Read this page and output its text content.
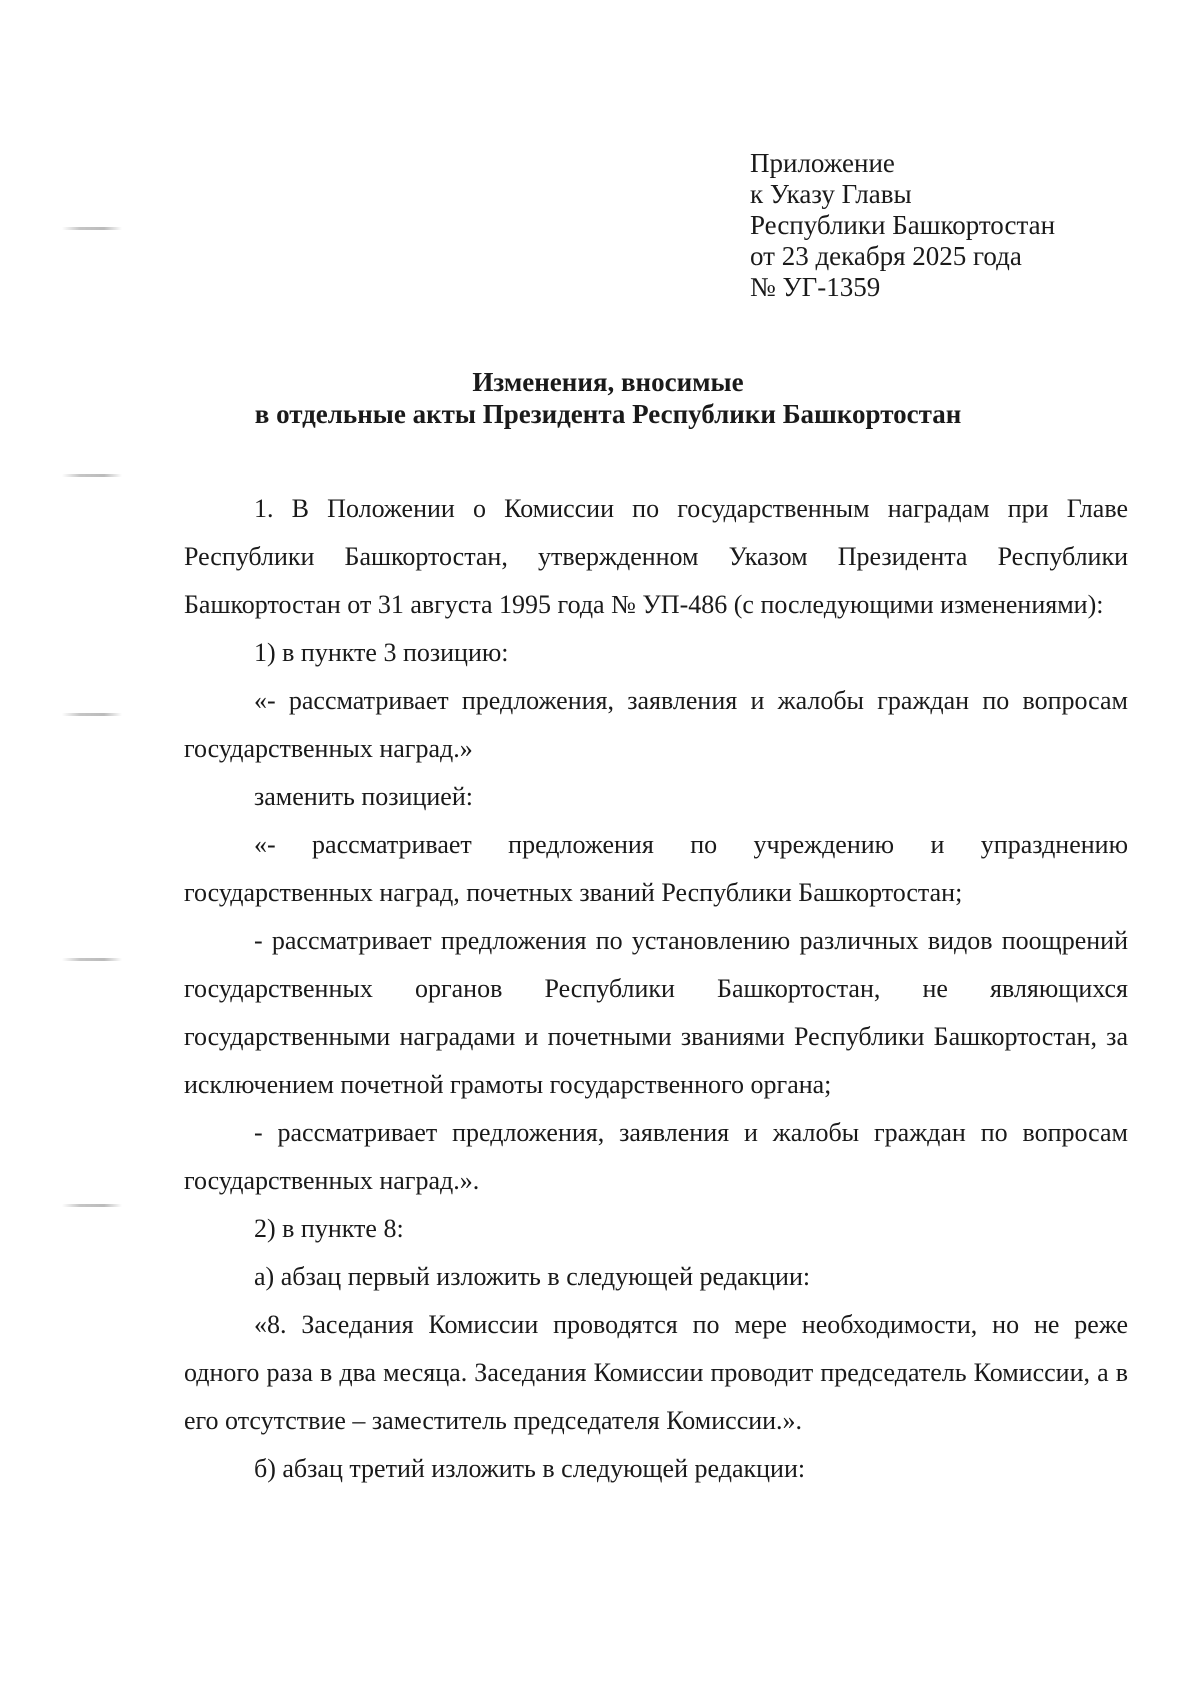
Приложение
к Указу Главы
Республики Башкортостан
от 23 декабря 2025 года
№ УГ-1359
Изменения, вносимые
в отдельные акты Президента Республики Башкортостан

1. В Положении о Комиссии по государственным наградам при Главе Республики Башкортостан, утвержденном Указом Президента Республики Башкортостан от 31 августа 1995 года № УП-486 (с последующими изменениями):

1) в пункте 3 позицию:

«- рассматривает предложения, заявления и жалобы граждан по вопросам государственных наград.»

заменить позицией:

«- рассматривает предложения по учреждению и упразднению государственных наград, почетных званий Республики Башкортостан;

- рассматривает предложения по установлению различных видов поощрений государственных органов Республики Башкортостан, не являющихся государственными наградами и почетными званиями Республики Башкортостан, за исключением почетной грамоты государственного органа;

- рассматривает предложения, заявления и жалобы граждан по вопросам государственных наград.».

2) в пункте 8:

а) абзац первый изложить в следующей редакции:

«8. Заседания Комиссии проводятся по мере необходимости, но не реже одного раза в два месяца. Заседания Комиссии проводит председатель Комиссии, а в его отсутствие – заместитель председателя Комиссии.».

б) абзац третий изложить в следующей редакции:
